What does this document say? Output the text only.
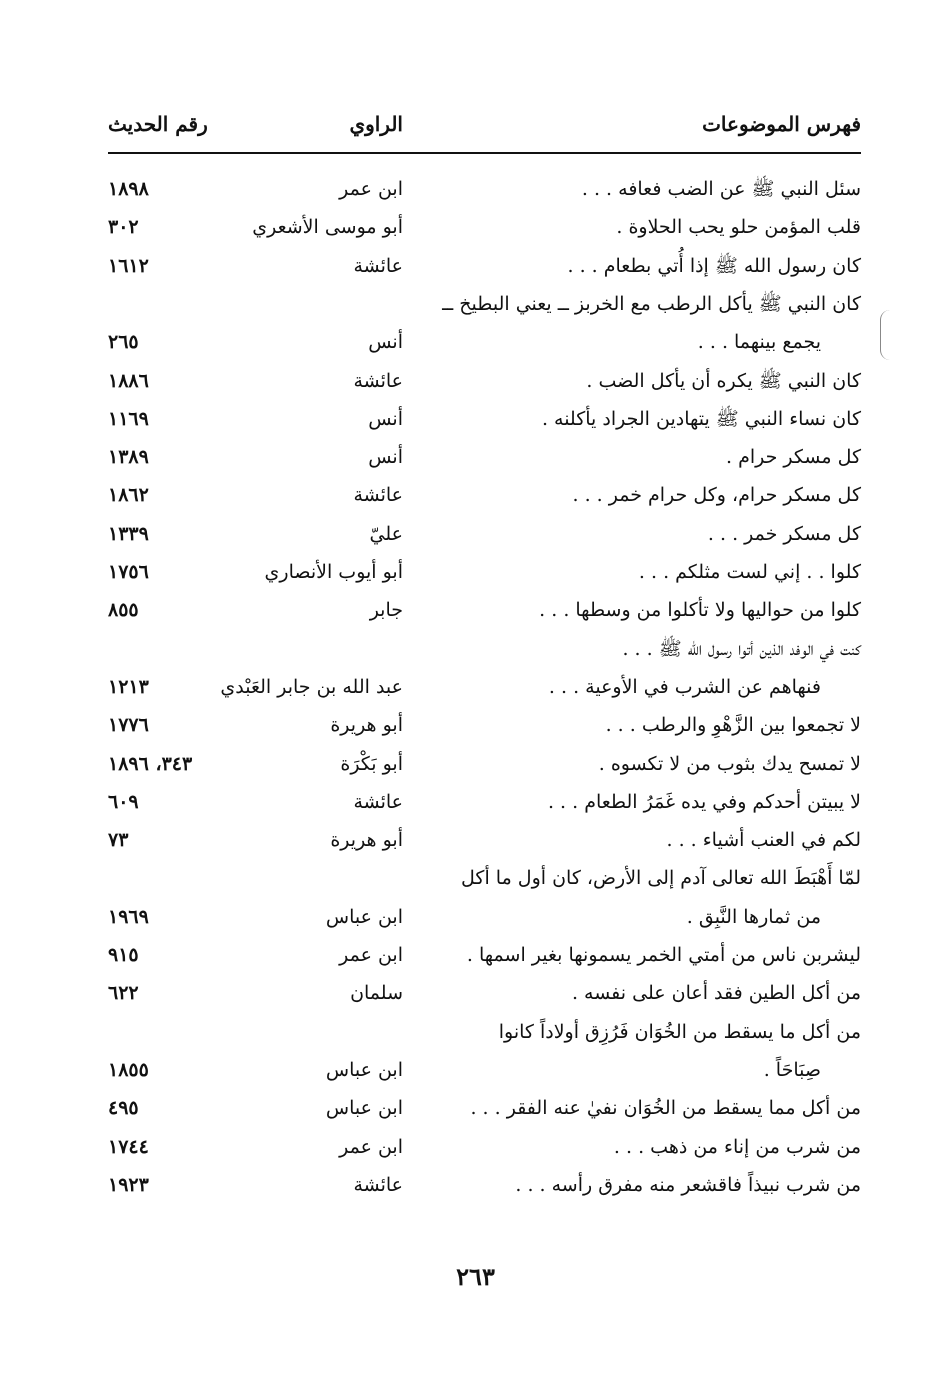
فهرس الموضوعات
الراوي
رقم الحديث
سئل النبي ﷺ عن الضب فعافه . . .
ابن عمر
١٨٩٨
قلب المؤمن حلو يحب الحلاوة .
أبو موسى الأشعري
٣٠٢
كان رسول الله ﷺ إذا أُتي بطعام . . .
عائشة
١٦١٢
كان النبي ﷺ يأكل الرطب مع الخربز ــ يعني البطيخ ــ
يجمع بينهما . . .
أنس
٢٦٥
كان النبي ﷺ يكره أن يأكل الضب .
عائشة
١٨٨٦
كان نساء النبي ﷺ يتهادين الجراد يأكلنه .
أنس
١١٦٩
كل مسكر حرام .
أنس
١٣٨٩
كل مسكر حرام، وكل حرام خمر . . .
عائشة
١٨٦٢
كل مسكر خمر . . .
عليّ
١٣٣٩
كلوا . . إني لست مثلكم . . .
أبو أيوب الأنصاري
١٧٥٦
كلوا من حواليها ولا تأكلوا من وسطها . . .
جابر
٨٥٥
كنت في الوفد الذين أتوا رسول الله ﷺ . . .
فنهاهم عن الشرب في الأوعية . . .
عبد الله بن جابر العَبْدي
١٢١٣
لا تجمعوا بين الزَّهْوِ والرطب . . .
أبو هريرة
١٧٧٦
لا تمسح يدك بثوب من لا تكسوه .
أبو بَكْرَة
٣٤٣، ١٨٩٦
لا يبيتن أحدكم وفي يده غَمَرُ الطعام . . .
عائشة
٦٠٩
لكم في العنب أشياء . . .
أبو هريرة
٧٣
لمّا أَهْبَطَ الله تعالى آدم إلى الأرض، كان أول ما أكل
من ثمارها النَّبِق .
ابن عباس
١٩٦٩
ليشربن ناس من أمتي الخمر يسمونها بغير اسمها .
ابن عمر
٩١٥
من أكل الطين فقد أعان على نفسه .
سلمان
٦٢٢
من أكل ما يسقط من الخُوَان فَرُزِق أولاداً كانوا
صِبَاحَاً .
ابن عباس
١٨٥٥
من أكل مما يسقط من الخُوَان نفيٰ عنه الفقر . . .
ابن عباس
٤٩٥
من شرب من إناء من ذهب . . .
ابن عمر
١٧٤٤
من شرب نبيذاً فاقشعر منه مفرق رأسه . . .
عائشة
١٩٢٣
٢٦٣
